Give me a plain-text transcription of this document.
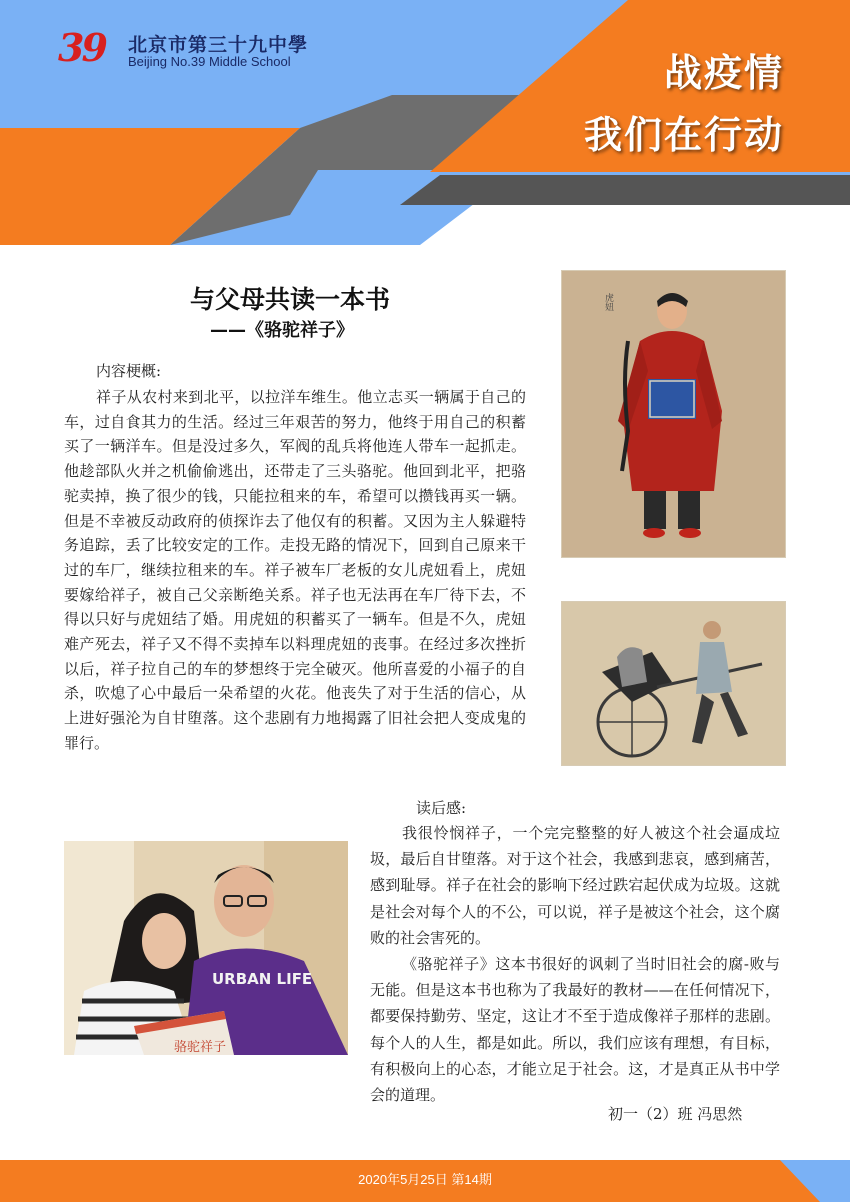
39 北京市第三十九中學
Beijing No.39 Middle School	战疫情
我们在行动
与父母共读一本书
——《骆驼祥子》
内容梗概:

祥子从农村来到北平，以拉洋车维生。他立志买一辆属于自己的车，过自食其力的生活。经过三年艰苦的努力，他终于用自己的积蓄买了一辆洋车。但是没过多久，军阀的乱兵将他连人带车一起抓走。他趁部队火并之机偷偷逃出，还带走了三头骆驼。他回到北平，把骆驼卖掉，换了很少的钱，只能拉租来的车，希望可以攒钱再买一辆。但是不幸被反动政府的侦探诈去了他仅有的积蓄。又因为主人躲避特务追踪，丢了比较安定的工作。走投无路的情况下，回到自己原来干过的车厂，继续拉租来的车。祥子被车厂老板的女儿虎妞看上，虎妞要嫁给祥子，被自己父亲断绝关系。祥子也无法再在车厂待下去，不得以只好与虎妞结了婚。用虎妞的积蓄买了一辆车。但是不久，虎妞难产死去，祥子又不得不卖掉车以料理虎妞的丧事。在经过多次挫折以后，祥子拉自己的车的梦想终于完全破灭。他所喜爱的小福子的自杀，吹熄了心中最后一朵希望的火花。他丧失了对于生活的信心，从上进好强沦为自甘堕落。这个悲剧有力地揭露了旧社会把人变成鬼的罪行。

虎妞
URBAN LIFE
骆驼祥子
读后感:

我很怜悯祥子，一个完完整整的好人被这个社会逼成垃圾，最后自甘堕落。对于这个社会，我感到悲哀，感到痛苦，感到耻辱。祥子在社会的影响下经过跌宕起伏成为垃圾。这就是社会对每个人的不公，可以说，祥子是被这个社会，这个腐败的社会害死的。

《骆驼祥子》这本书很好的讽刺了当时旧社会的腐-败与无能。但是这本书也称为了我最好的教材——在任何情况下，都要保持勤劳、坚定，这让才不至于造成像祥子那样的悲剧。每个人的人生，都是如此。所以，我们应该有理想，有目标，有积极向上的心态，才能立足于社会。这，才是真正从书中学会的道理。

初一（2）班 冯思然
2020年5月25日 第14期
